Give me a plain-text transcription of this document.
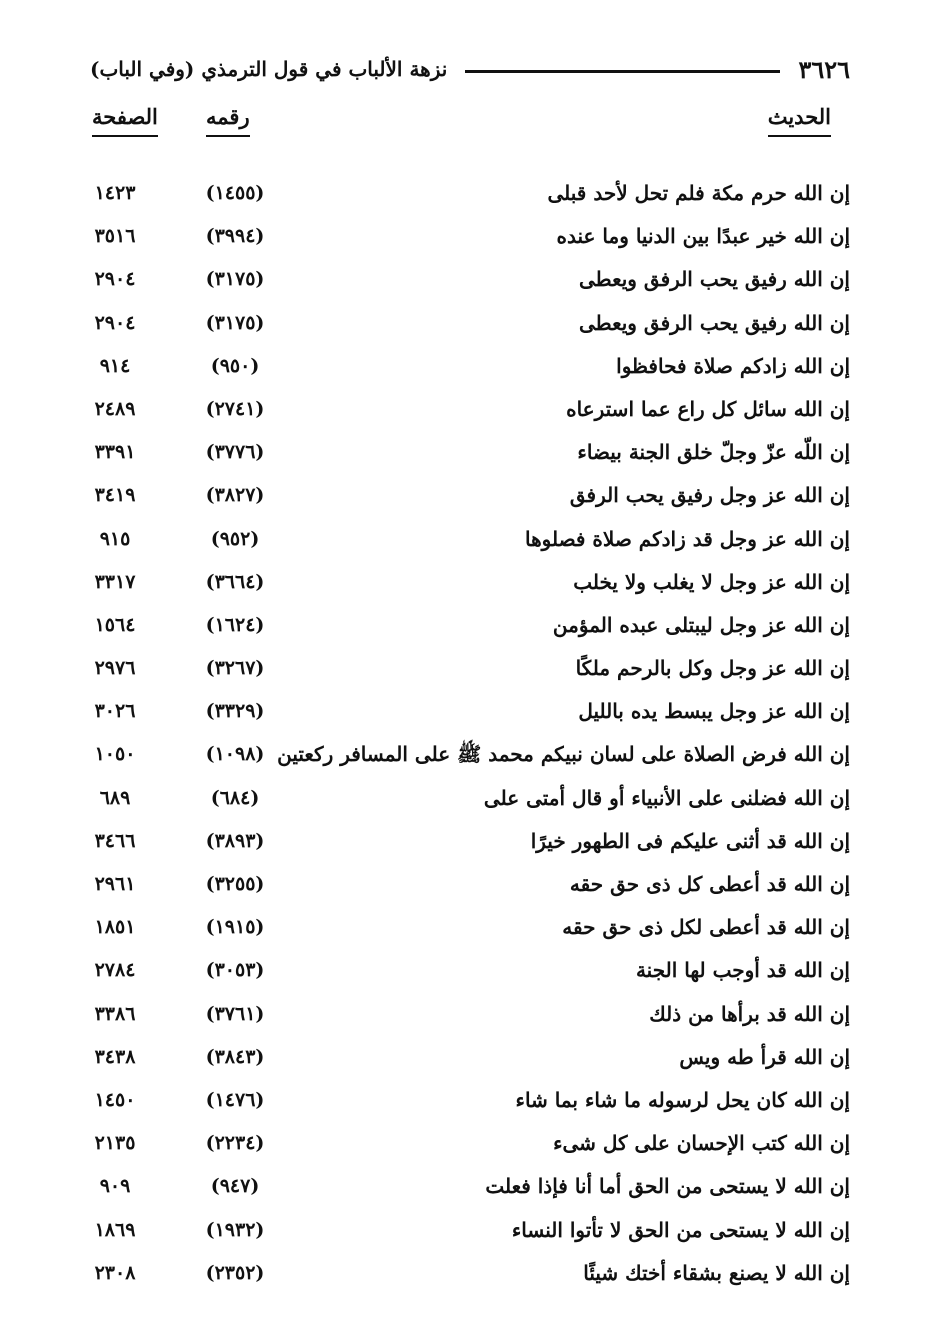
نزهة الألباب في قول الترمذي (وفي الباب)	٣٦٢٦
الحديث
رقمه
الصفحة
إن الله حرم مكة فلم تحل لأحد قبلى
(١٤٥٥)
١٤٢٣
إن الله خير عبدًا بين الدنيا وما عنده
(٣٩٩٤)
٣٥١٦
إن الله رفيق يحب الرفق ويعطى
(٣١٧٥)
٢٩٠٤
إن الله رفيق يحب الرفق ويعطى
(٣١٧٥)
٢٩٠٤
إن الله زادكم صلاة فحافظوا
(٩٥٠)
٩١٤
إن الله سائل كل راع عما استرعاه
(٢٧٤١)
٢٤٨٩
إن اللّه عزّ وجلّ خلق الجنة بيضاء
(٣٧٧٦)
٣٣٩١
إن الله عز وجل رفيق يحب الرفق
(٣٨٢٧)
٣٤١٩
إن الله عز وجل قد زادكم صلاة فصلوها
(٩٥٢)
٩١٥
إن الله عز وجل لا يغلب ولا يخلب
(٣٦٦٤)
٣٣١٧
إن الله عز وجل ليبتلى عبده المؤمن
(١٦٢٤)
١٥٦٤
إن الله عز وجل وكل بالرحم ملكًا
(٣٢٦٧)
٢٩٧٦
إن الله عز وجل يبسط يده بالليل
(٣٣٢٩)
٣٠٢٦
إن الله فرض الصلاة على لسان نبيكم محمد ﷺ على المسافر ركعتين
(١٠٩٨)
١٠٥٠
إن الله فضلنى على الأنبياء أو قال أمتى على
(٦٨٤)
٦٨٩
إن الله قد أثنى عليكم فى الطهور خيرًا
(٣٨٩٣)
٣٤٦٦
إن الله قد أعطى كل ذى حق حقه
(٣٢٥٥)
٢٩٦١
إن الله قد أعطى لكل ذى حق حقه
(١٩١٥)
١٨٥١
إن الله قد أوجب لها الجنة
(٣٠٥٣)
٢٧٨٤
إن الله قد برأها من ذلك
(٣٧٦١)
٣٣٨٦
إن الله قرأ طه ويس
(٣٨٤٣)
٣٤٣٨
إن الله كان يحل لرسوله ما شاء بما شاء
(١٤٧٦)
١٤٥٠
إن الله كتب الإحسان على كل شىء
(٢٢٣٤)
٢١٣٥
إن الله لا يستحى من الحق أما أنا فإذا فعلت
(٩٤٧)
٩٠٩
إن الله لا يستحى من الحق لا تأتوا النساء
(١٩٣٢)
١٨٦٩
إن الله لا يصنع بشقاء أختك شيئًا
(٢٣٥٢)
٢٣٠٨
